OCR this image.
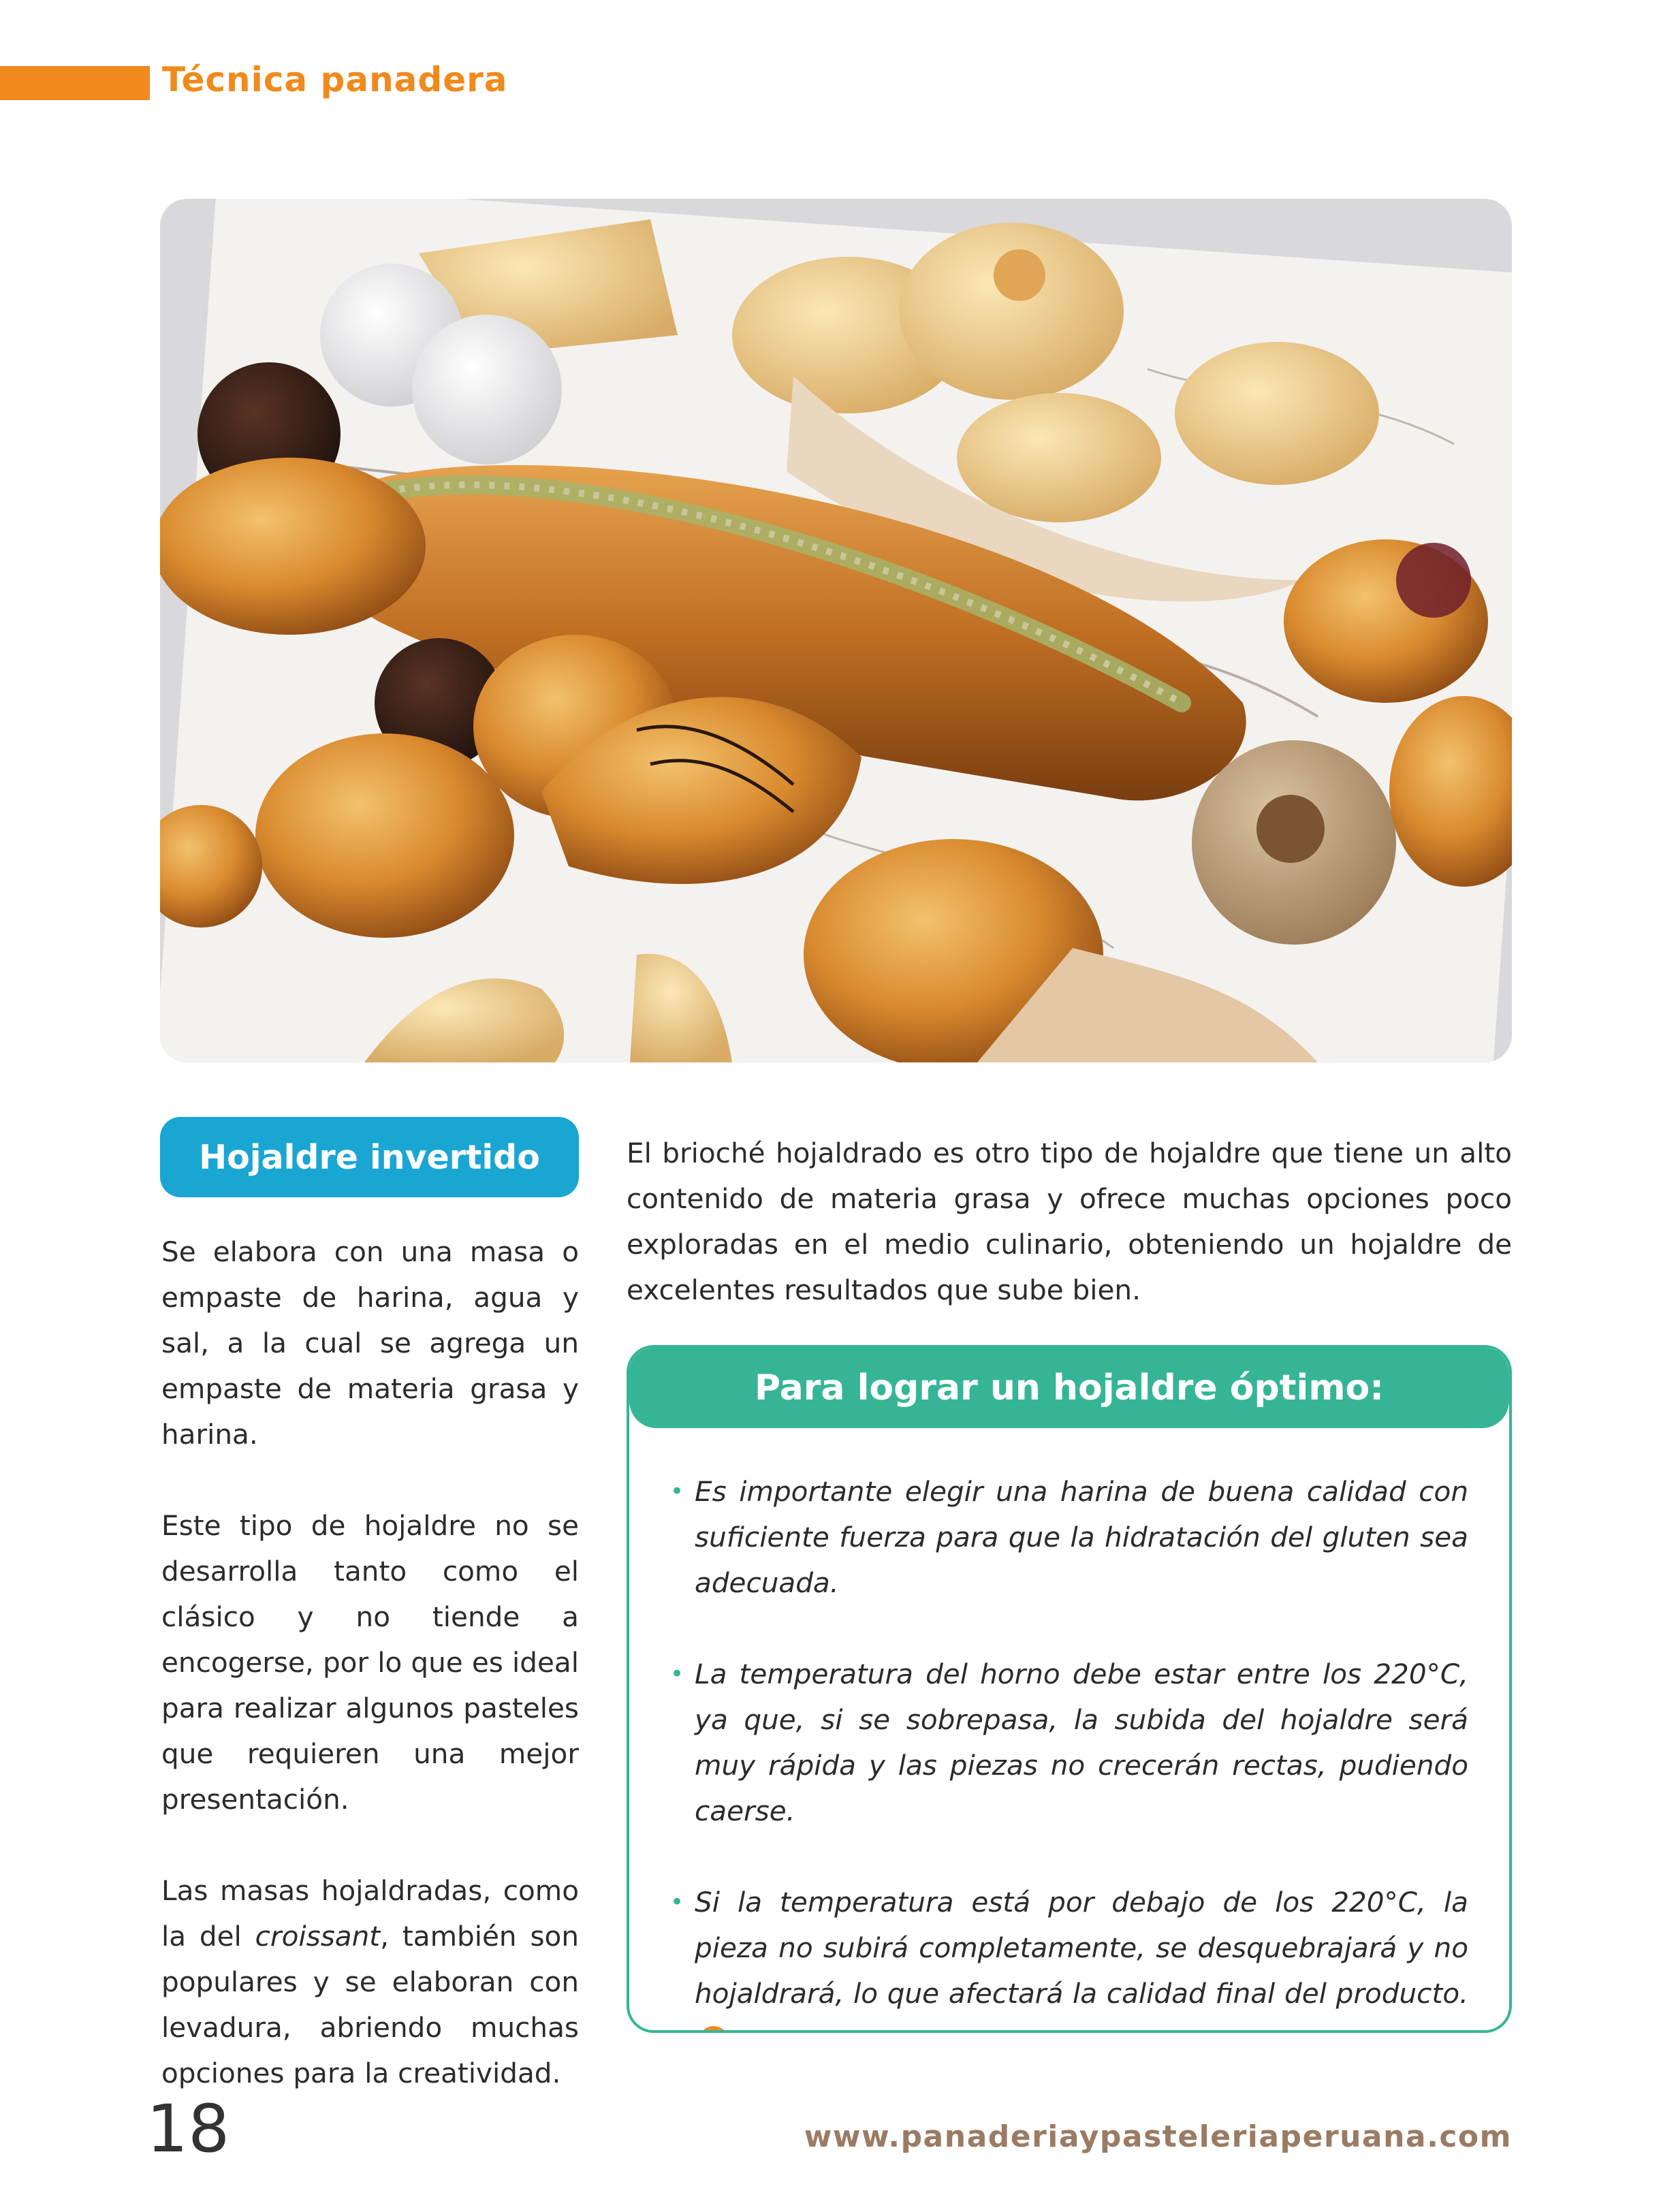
Técnica panadera
Hojaldre invertido

Se elabora con una masa o empaste de harina, agua y sal, a la cual se agrega un empaste de materia grasa y harina.

Este tipo de hojaldre no se desarrolla tanto como el clásico y no tiende a encogerse, por lo que es ideal para realizar algunos pasteles que requieren una mejor presentación.

Las masas hojaldradas, como la del croissant, también son populares y se elaboran con levadura, abriendo muchas opciones para la creatividad.

El brioché hojaldrado es otro tipo de hojaldre que tiene un alto contenido de materia grasa y ofrece muchas opciones poco exploradas en el medio culinario, obteniendo un hojaldre de excelentes resultados que sube bien.

Para lograr un hojaldre óptimo:
• Es importante elegir una harina de buena calidad con suficiente fuerza para que la hidratación del gluten sea adecuada.
• La temperatura del horno debe estar entre los 220°C, ya que, si se sobrepasa, la subida del hojaldre será muy rápida y las piezas no crecerán rectas, pudiendo caerse.
• Si la temperatura está por debajo de los 220°C, la pieza no subirá completamente, se desquebrajará y no hojaldrará, lo que afectará la calidad final del producto.
P
18	www.panaderiaypasteleriaperuana.com
